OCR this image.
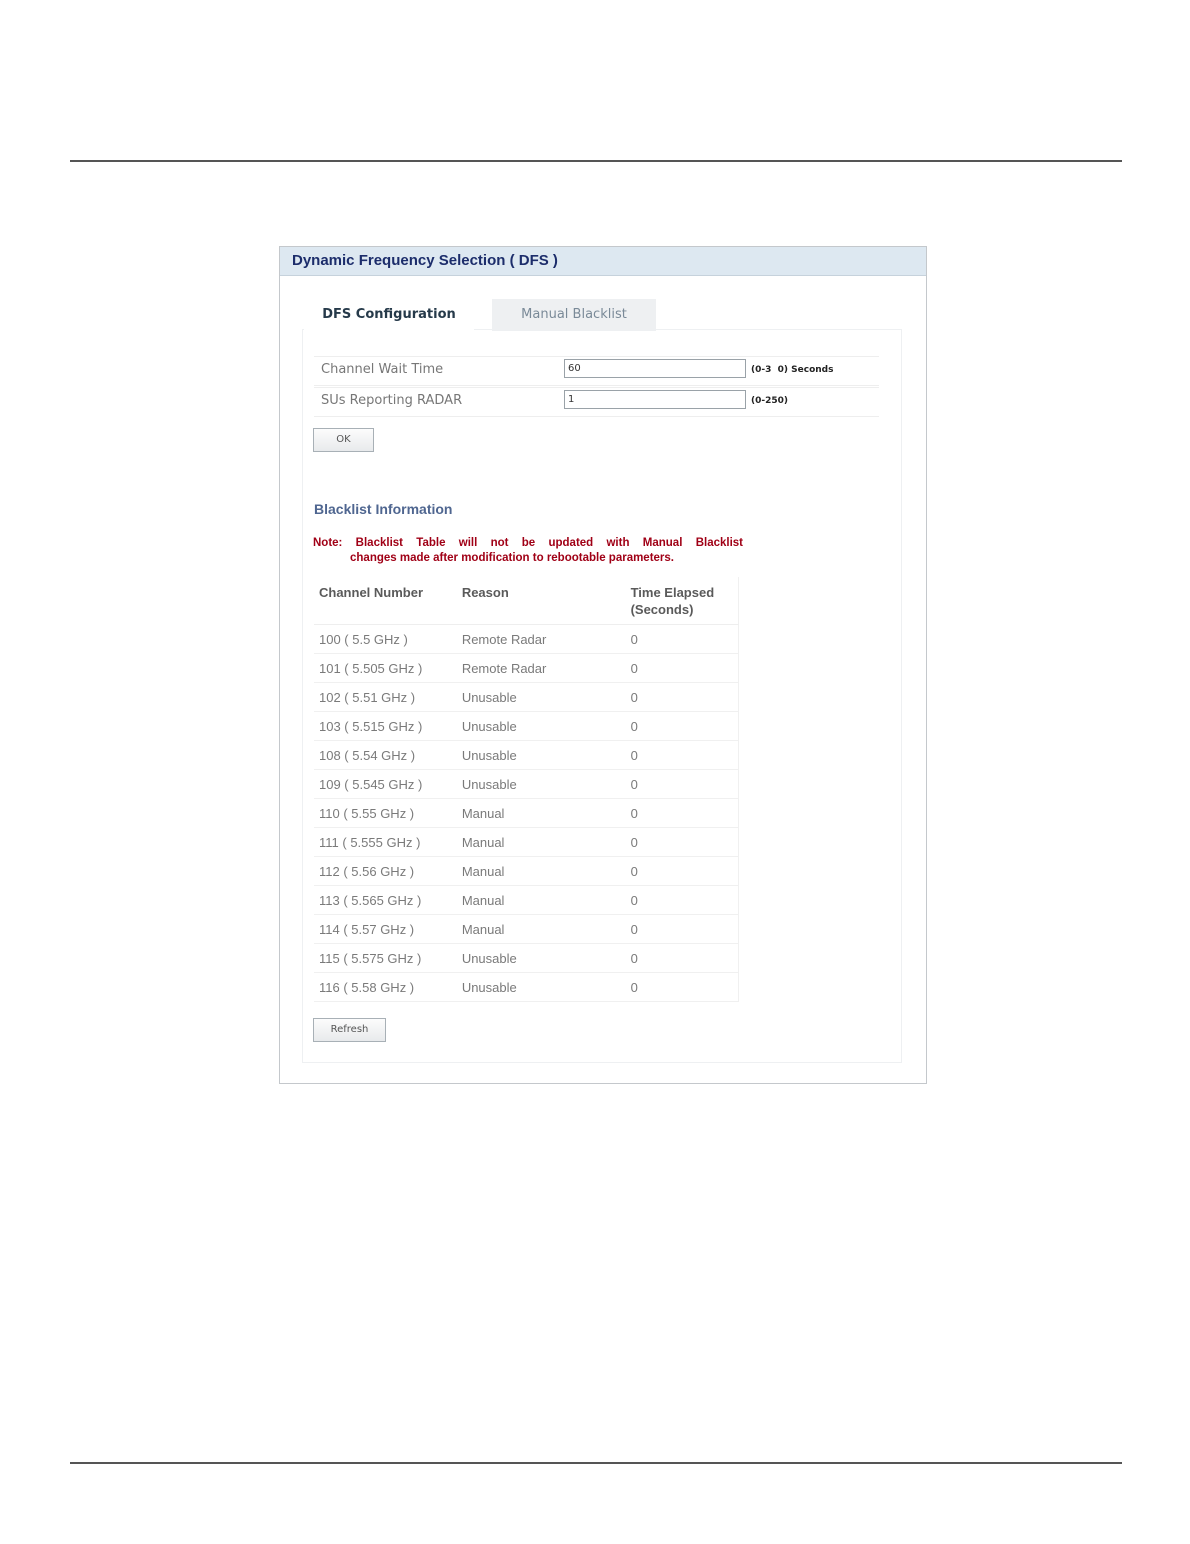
Dynamic Frequency Selection ( DFS )
DFS Configuration	Manual Blacklist
Channel Wait Time
60	(0-3  0) Seconds
SUs Reporting RADAR
1	(0-250)
OK
Blacklist Information
Note: Blacklist Table will not be updated with Manual Blacklist
changes made after modification to rebootable parameters.
Channel Number	Reason	Time Elapsed (Seconds)
100 ( 5.5 GHz )	Remote Radar	0
101 ( 5.505 GHz )	Remote Radar	0
102 ( 5.51 GHz )	Unusable	0
103 ( 5.515 GHz )	Unusable	0
108 ( 5.54 GHz )	Unusable	0
109 ( 5.545 GHz )	Unusable	0
110 ( 5.55 GHz )	Manual	0
111 ( 5.555 GHz )	Manual	0
112 ( 5.56 GHz )	Manual	0
113 ( 5.565 GHz )	Manual	0
114 ( 5.57 GHz )	Manual	0
115 ( 5.575 GHz )	Unusable	0
116 ( 5.58 GHz )	Unusable	0
Refresh
